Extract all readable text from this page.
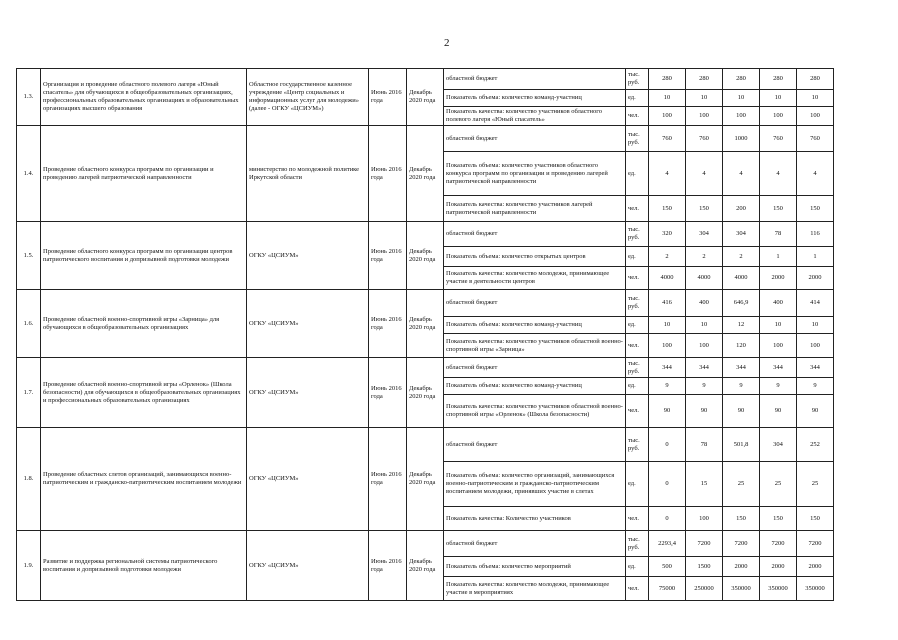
2
1.3.	Организация и проведение областного полевого лагеря «Юный спасатель» для обучающихся в общеобразовательных организациях, профессиональных образовательных организациях и образовательных организациях высшего образования	Областное государственное казенное учреждение «Центр социальных и информационных услуг для молодежи» (далее - ОГКУ «ЦСИУМ»)	Июнь 2016 года	Декабрь 2020 года	областной бюджет	тыс. руб.	280	280	280	280	280
					Показатель объема: количество команд-участниц	ед.	10	10	10	10	10
					Показатель качества: количество участников областного полевого лагеря «Юный спасатель»	чел.	100	100	100	100	100
1.4.	Проведение областного конкурса программ по организации и проведению лагерей патриотической направленности	министерство по молодежной политике Иркутской области	Июнь 2016 года	Декабрь 2020 года	областной бюджет	тыс. руб.	760	760	1000	760	760
					Показатель объема: количество участников областного конкурса программ по организации и проведению лагерей патриотической направленности	ед.	4	4	4	4	4
					Показатель качества: количество участников лагерей патриотической направленности	чел.	150	150	200	150	150
1.5.	Проведение областного конкурса программ по организации центров патриотического воспитания и допризывной подготовки молодежи	ОГКУ «ЦСИУМ»	Июнь 2016 года	Декабрь 2020 года	областной бюджет	тыс. руб.	320	304	304	78	116
					Показатель объема: количество открытых центров	ед.	2	2	2	1	1
					Показатель качества: количество молодежи, принимающее участие в деятельности центров	чел.	4000	4000	4000	2000	2000
1.6.	Проведение областной военно-спортивной игры «Зарница» для обучающихся в общеобразовательных организациях	ОГКУ «ЦСИУМ»	Июнь 2016 года	Декабрь 2020 года	областной бюджет	тыс. руб.	416	400	646,9	400	414
					Показатель объема: количество команд-участниц	ед.	10	10	12	10	10
					Показатель качества: количество участников областной военно-спортивной игры «Зарница»	чел.	100	100	120	100	100
1.7.	Проведение областной военно-спортивной игры «Орленок» (Школа безопасности) для обучающихся в общеобразовательных организациях и профессиональных образовательных организациях	ОГКУ «ЦСИУМ»	Июнь 2016 года	Декабрь 2020 года	областной бюджет	тыс. руб.	344	344	344	344	344
					Показатель объема: количество команд-участниц	ед.	9	9	9	9	9
					Показатель качества: количество участников областной военно-спортивной игры «Орленок» (Школа безопасности)	чел.	90	90	90	90	90
1.8.	Проведение областных слетов организаций, занимающихся военно-патриотическим и гражданско-патриотическим воспитанием молодежи	ОГКУ «ЦСИУМ»	Июнь 2016 года	Декабрь 2020 года	областной бюджет	тыс. руб.	0	78	501,8	304	252
					Показатель объема: количество организаций, занимающихся военно-патриотическим и гражданско-патриотическим воспитанием молодежи, принявших участие в слетах	ед.	0	15	25	25	25
					Показатель качества: Количество участников	чел.	0	100	150	150	150
1.9.	Развитие и поддержка региональной системы патриотического воспитания и допризывной подготовки молодежи	ОГКУ «ЦСИУМ»	Июнь 2016 года	Декабрь 2020 года	областной бюджет	тыс. руб.	2293,4	7200	7200	7200	7200
					Показатель объема: количество мероприятий	ед.	500	1500	2000	2000	2000
					Показатель качества: количество молодежи, принимающее участие в мероприятиях	чел.	75000	250000	350000	350000	350000
